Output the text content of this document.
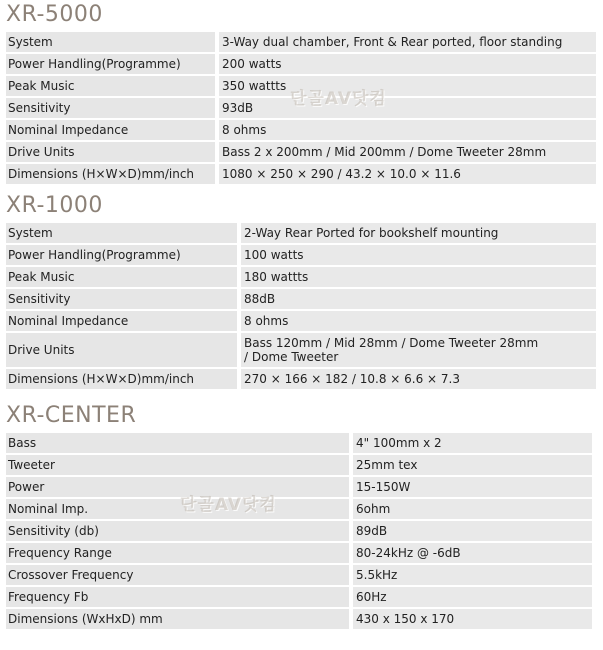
XR-5000
System	3-Way dual chamber, Front & Rear ported, floor standing
Power Handling(Programme)	200 watts
Peak Music	350 wattts
Sensitivity	93dB
Nominal Impedance	8 ohms
Drive Units	Bass 2 x 200mm / Mid 200mm / Dome Tweeter 28mm
Dimensions (H×W×D)mm/inch	1080 × 250 × 290 / 43.2 × 10.0 × 11.6
XR-1000
System	2-Way Rear Ported for bookshelf mounting
Power Handling(Programme)	100 watts
Peak Music	180 wattts
Sensitivity	88dB
Nominal Impedance	8 ohms
Drive Units	Bass 120mm / Mid 28mm / Dome Tweeter 28mm
/ Dome Tweeter
Dimensions (H×W×D)mm/inch	270 × 166 × 182 / 10.8 × 6.6 × 7.3
XR-CENTER
Bass	4" 100mm x 2
Tweeter	25mm tex
Power	15-150W
Nominal Imp.	6ohm
Sensitivity (db)	89dB
Frequency Range	80-24kHz @ -6dB
Crossover Frequency	5.5kHz
Frequency Fb	60Hz
Dimensions (WxHxD) mm	430 x 150 x 170
단골AV닷컴
단골AV닷컴
